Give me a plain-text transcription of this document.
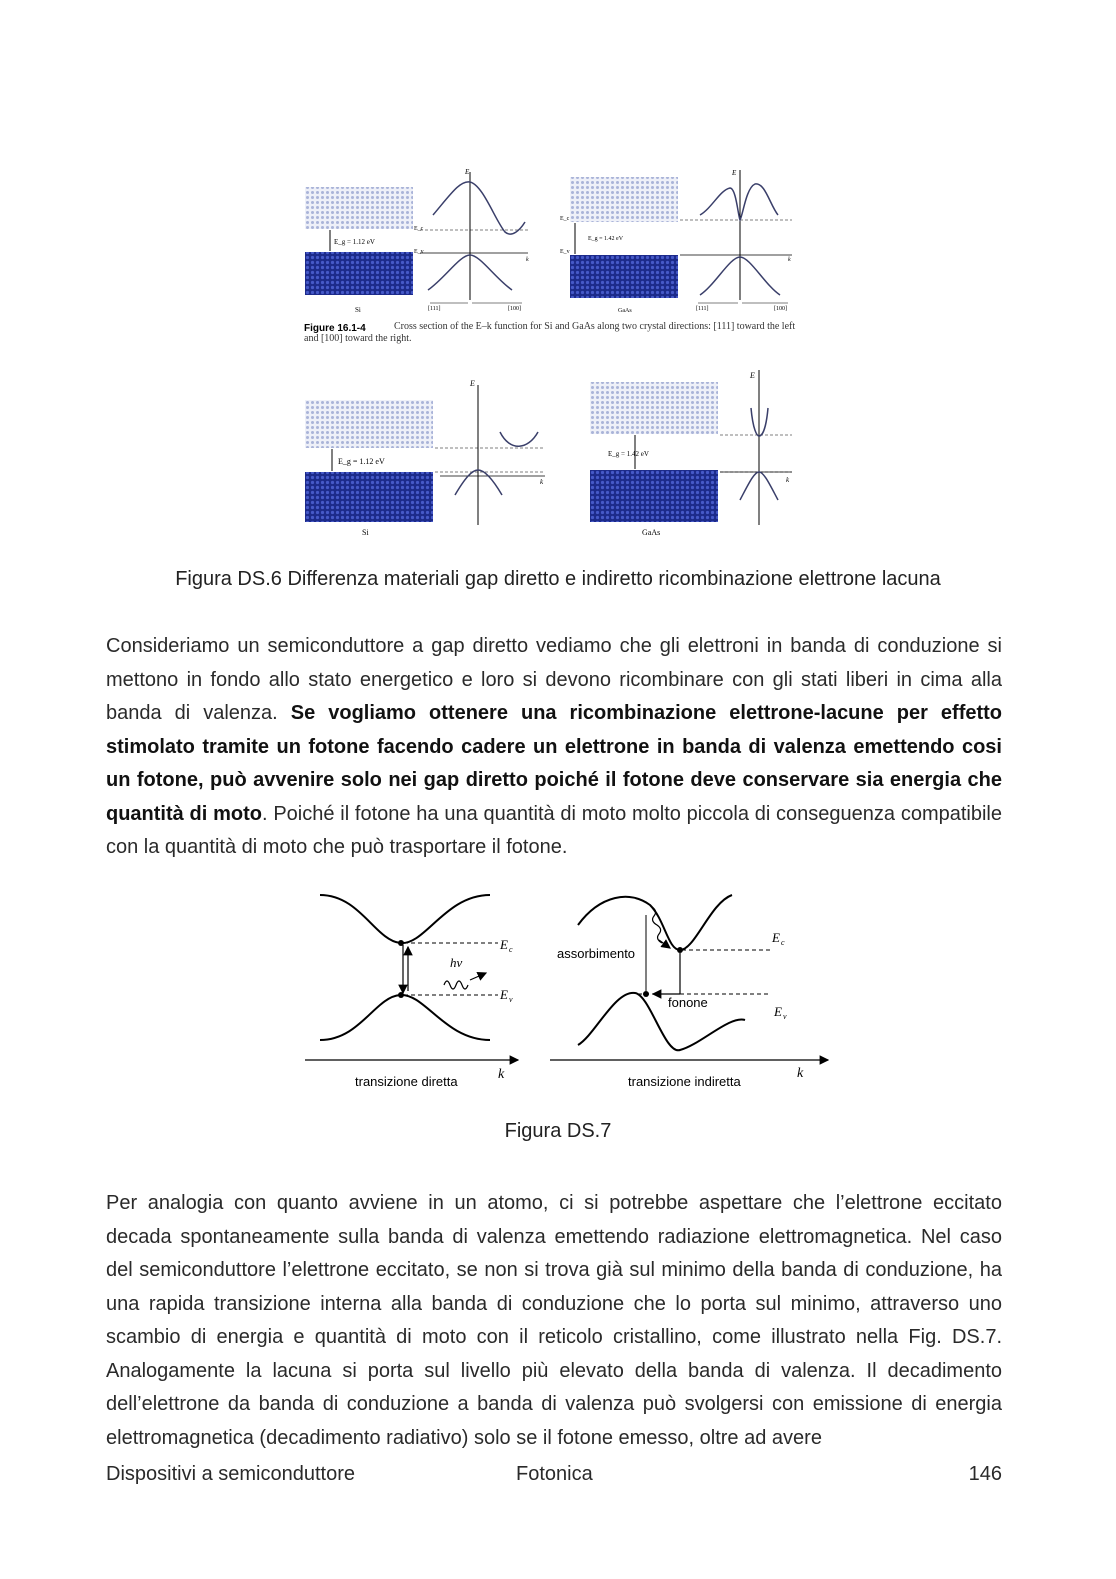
E_g = 1.12 eV
E_c
E_v
E
k
[111]	[100]
Si
E_g = 1.42 eV
E_c
E_v
E
k
[111]	[100]
GaAs
Figure 16.1-4	Cross section of the E–k function for Si and GaAs along two crystal directions: [111] toward the left and [100] toward the right.
E_g = 1.12 eV
E
k
Si
E_g = 1.42 eV
E
k
GaAs
Figura DS.6 Differenza materiali gap diretto e indiretto ricombinazione elettrone lacuna
Consideriamo un semiconduttore a gap diretto vediamo che gli elettroni in banda di conduzione si mettono in fondo allo stato energetico e loro si devono ricombinare con gli stati liberi in cima alla banda di valenza. Se vogliamo ottenere una ricombinazione elettrone-lacune per effetto stimolato tramite un fotone facendo cadere un elettrone in banda di valenza emettendo cosi un fotone, può avvenire solo nei gap diretto poiché il fotone deve conservare sia energia che quantità di moto. Poiché il fotone ha una quantità di moto molto piccola di conseguenza compatibile con la quantità di moto che può trasportare il fotone.
hν
E c
E v
k
transizione diretta
assorbimento
fonone
E c
E v
k
transizione indiretta
Figura DS.7
Per analogia con quanto avviene in un atomo, ci si potrebbe aspettare che l’elettrone eccitato decada spontaneamente sulla banda di valenza emettendo radiazione elettromagnetica. Nel caso del semiconduttore l’elettrone eccitato, se non si trova già sul minimo della banda di conduzione, ha una rapida transizione interna alla banda di conduzione che lo porta sul minimo, attraverso uno scambio di energia e quantità di moto con il reticolo cristallino, come illustrato nella Fig. DS.7. Analogamente la lacuna si porta sul livello più elevato della banda di valenza. Il decadimento dell’elettrone da banda di conduzione a banda di valenza può svolgersi con emissione di energia elettromagnetica (decadimento radiativo) solo se il fotone emesso, oltre ad avere
Dispositivi a semiconduttore	Fotonica	146
